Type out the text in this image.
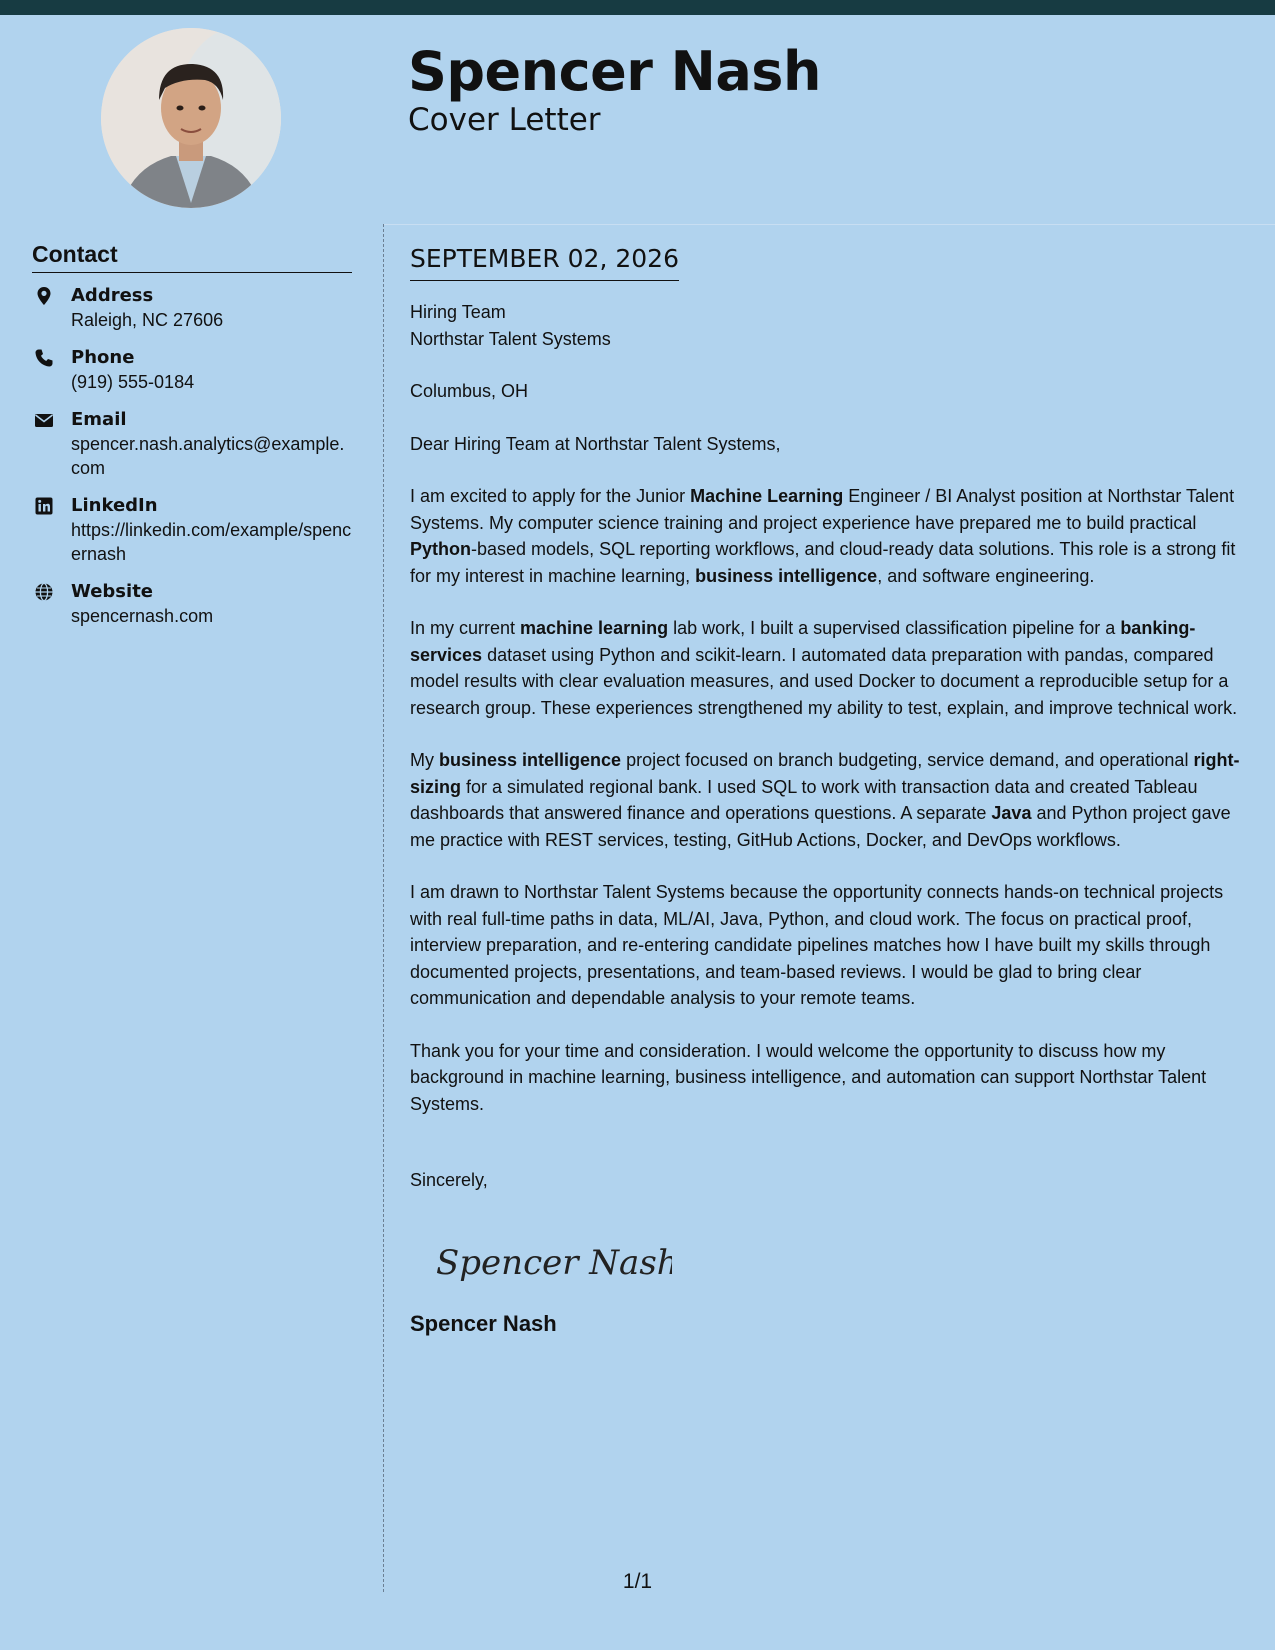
Spencer Nash
Cover Letter
Contact
Address
Raleigh, NC 27606
Phone
(919) 555-0184
Email
spencer.nash.analytics@example.com
LinkedIn
https://linkedin.com/example/spencernash
Website
spencernash.com
SEPTEMBER 02, 2026
Hiring Team
Northstar Talent Systems

Columbus, OH

Dear Hiring Team at Northstar Talent Systems,

I am excited to apply for the Junior Machine Learning Engineer / BI Analyst position at Northstar Talent Systems. My computer science training and project experience have prepared me to build practical Python-based models, SQL reporting workflows, and cloud-ready data solutions. This role is a strong fit for my interest in machine learning, business intelligence, and software engineering.

In my current machine learning lab work, I built a supervised classification pipeline for a banking-services dataset using Python and scikit-learn. I automated data preparation with pandas, compared model results with clear evaluation measures, and used Docker to document a reproducible setup for a research group. These experiences strengthened my ability to test, explain, and improve technical work.

My business intelligence project focused on branch budgeting, service demand, and operational right-sizing for a simulated regional bank. I used SQL to work with transaction data and created Tableau dashboards that answered finance and operations questions. A separate Java and Python project gave me practice with REST services, testing, GitHub Actions, Docker, and DevOps workflows.

I am drawn to Northstar Talent Systems because the opportunity connects hands-on technical projects with real full-time paths in data, ML/AI, Java, Python, and cloud work. The focus on practical proof, interview preparation, and re-entering candidate pipelines matches how I have built my skills through documented projects, presentations, and team-based reviews. I would be glad to bring clear communication and dependable analysis to your remote teams.

Thank you for your time and consideration. I would welcome the opportunity to discuss how my background in machine learning, business intelligence, and automation can support Northstar Talent Systems.

Sincerely,

Spencer Nash

Spencer Nash

1/1
